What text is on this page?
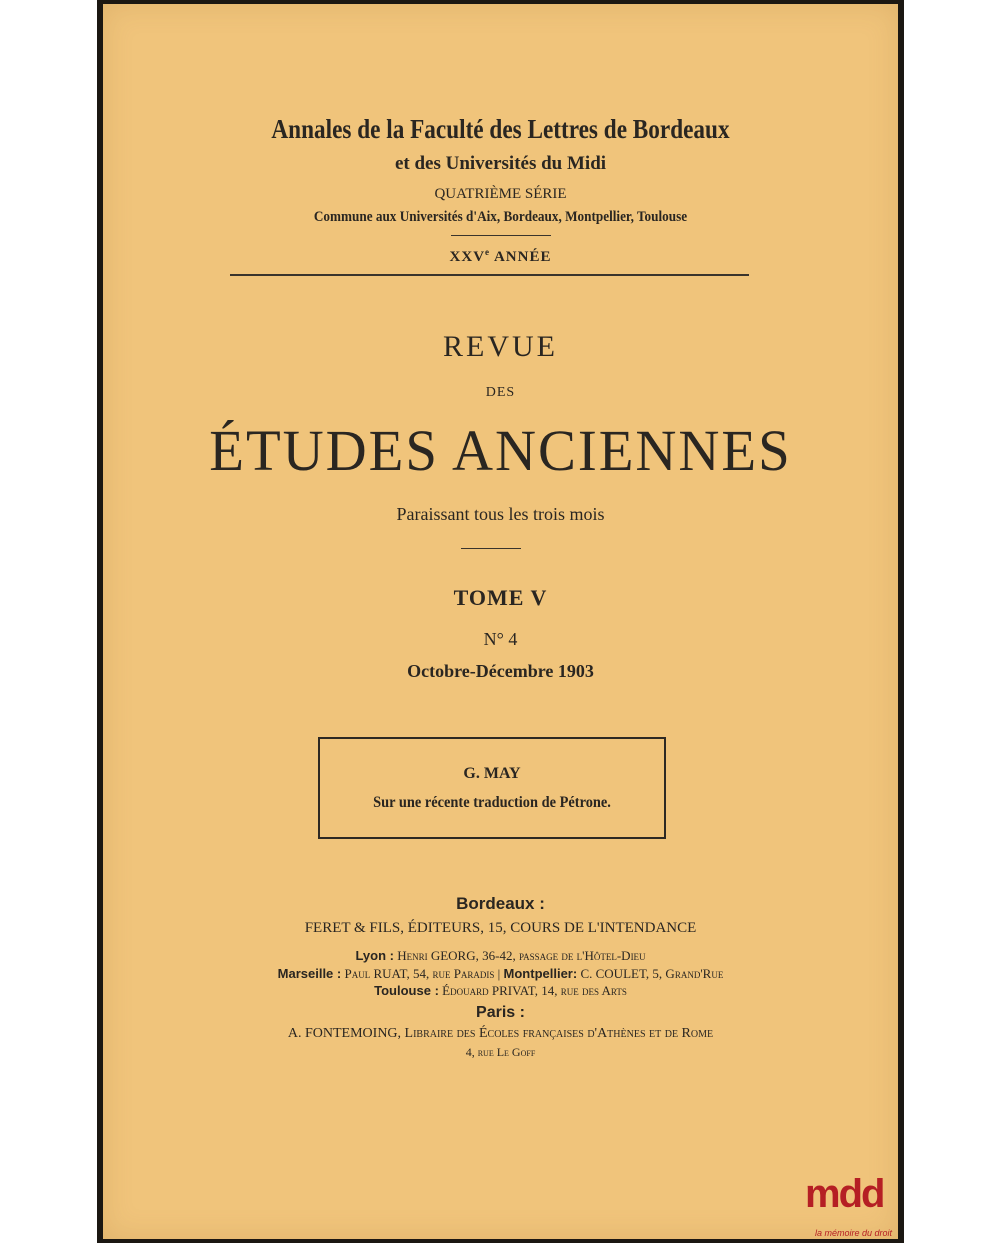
Annales de la Faculté des Lettres de Bordeaux
et des Universités du Midi
QUATRIÈME SÉRIE
Commune aux Universités d'Aix, Bordeaux, Montpellier, Toulouse
XXVe ANNÉE
REVUE
DES
ÉTUDES ANCIENNES
Paraissant tous les trois mois
TOME V
N° 4
Octobre-Décembre 1903
G. MAY
Sur une récente traduction de Pétrone.
Bordeaux :
FERET & FILS, ÉDITEURS, 15, COURS DE L'INTENDANCE
Lyon : Henri GEORG, 36-42, passage de l'Hôtel-Dieu
Marseille : Paul RUAT, 54, rue Paradis | Montpellier: C. COULET, 5, Grand'Rue
Toulouse : Édouard PRIVAT, 14, rue des Arts
Paris :
A. FONTEMOING, Libraire des Écoles françaises d'Athènes et de Rome
4, rue Le Goff
mdd
la mémoire du droit
